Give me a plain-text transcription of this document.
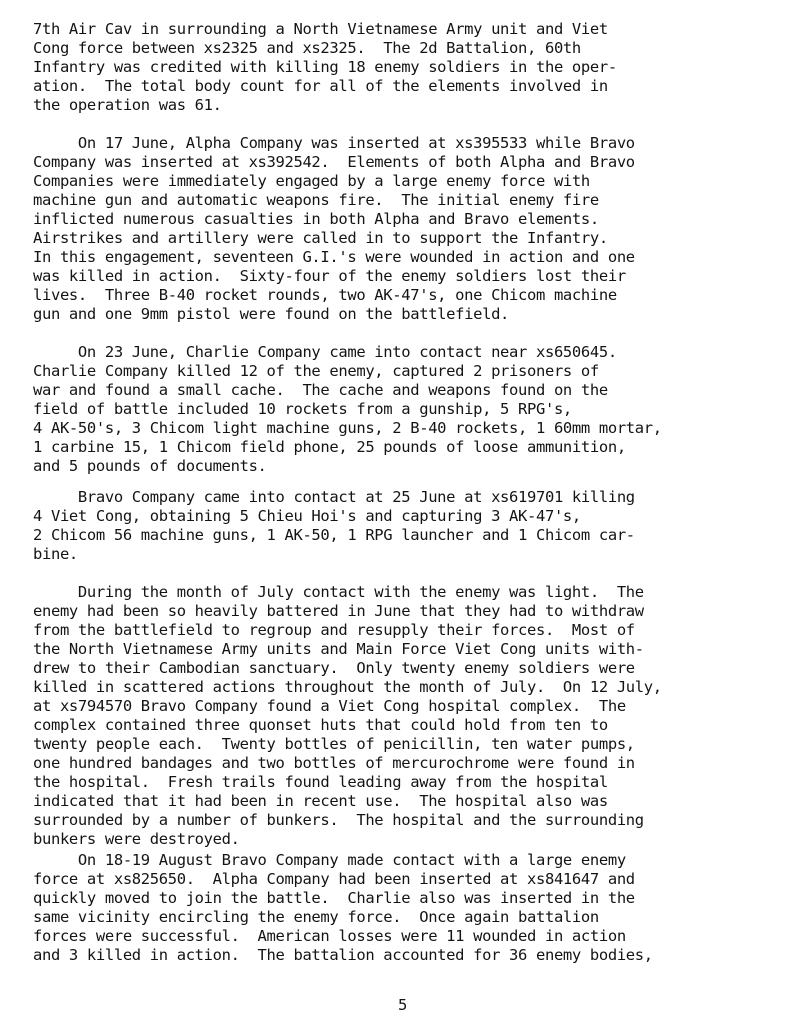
7th Air Cav in surrounding a North Vietnamese Army unit and Viet
Cong force between xs2325 and xs2325.  The 2d Battalion, 60th
Infantry was credited with killing 18 enemy soldiers in the oper-
ation.  The total body count for all of the elements involved in
the operation was 61.
On 17 June, Alpha Company was inserted at xs395533 while Bravo
Company was inserted at xs392542.  Elements of both Alpha and Bravo
Companies were immediately engaged by a large enemy force with
machine gun and automatic weapons fire.  The initial enemy fire
inflicted numerous casualties in both Alpha and Bravo elements.
Airstrikes and artillery were called in to support the Infantry.
In this engagement, seventeen G.I.'s were wounded in action and one
was killed in action.  Sixty-four of the enemy soldiers lost their
lives.  Three B-40 rocket rounds, two AK-47's, one Chicom machine
gun and one 9mm pistol were found on the battlefield.
On 23 June, Charlie Company came into contact near xs650645.
Charlie Company killed 12 of the enemy, captured 2 prisoners of
war and found a small cache.  The cache and weapons found on the
field of battle included 10 rockets from a gunship, 5 RPG's,
4 AK-50's, 3 Chicom light machine guns, 2 B-40 rockets, 1 60mm mortar,
1 carbine 15, 1 Chicom field phone, 25 pounds of loose ammunition,
and 5 pounds of documents.
Bravo Company came into contact at 25 June at xs619701 killing
4 Viet Cong, obtaining 5 Chieu Hoi's and capturing 3 AK-47's,
2 Chicom 56 machine guns, 1 AK-50, 1 RPG launcher and 1 Chicom car-
bine.
During the month of July contact with the enemy was light.  The
enemy had been so heavily battered in June that they had to withdraw
from the battlefield to regroup and resupply their forces.  Most of
the North Vietnamese Army units and Main Force Viet Cong units with-
drew to their Cambodian sanctuary.  Only twenty enemy soldiers were
killed in scattered actions throughout the month of July.  On 12 July,
at xs794570 Bravo Company found a Viet Cong hospital complex.  The
complex contained three quonset huts that could hold from ten to
twenty people each.  Twenty bottles of penicillin, ten water pumps,
one hundred bandages and two bottles of mercurochrome were found in
the hospital.  Fresh trails found leading away from the hospital
indicated that it had been in recent use.  The hospital also was
surrounded by a number of bunkers.  The hospital and the surrounding
bunkers were destroyed.
On 18-19 August Bravo Company made contact with a large enemy
force at xs825650.  Alpha Company had been inserted at xs841647 and
quickly moved to join the battle.  Charlie also was inserted in the
same vicinity encircling the enemy force.  Once again battalion
forces were successful.  American losses were 11 wounded in action
and 3 killed in action.  The battalion accounted for 36 enemy bodies,
5
